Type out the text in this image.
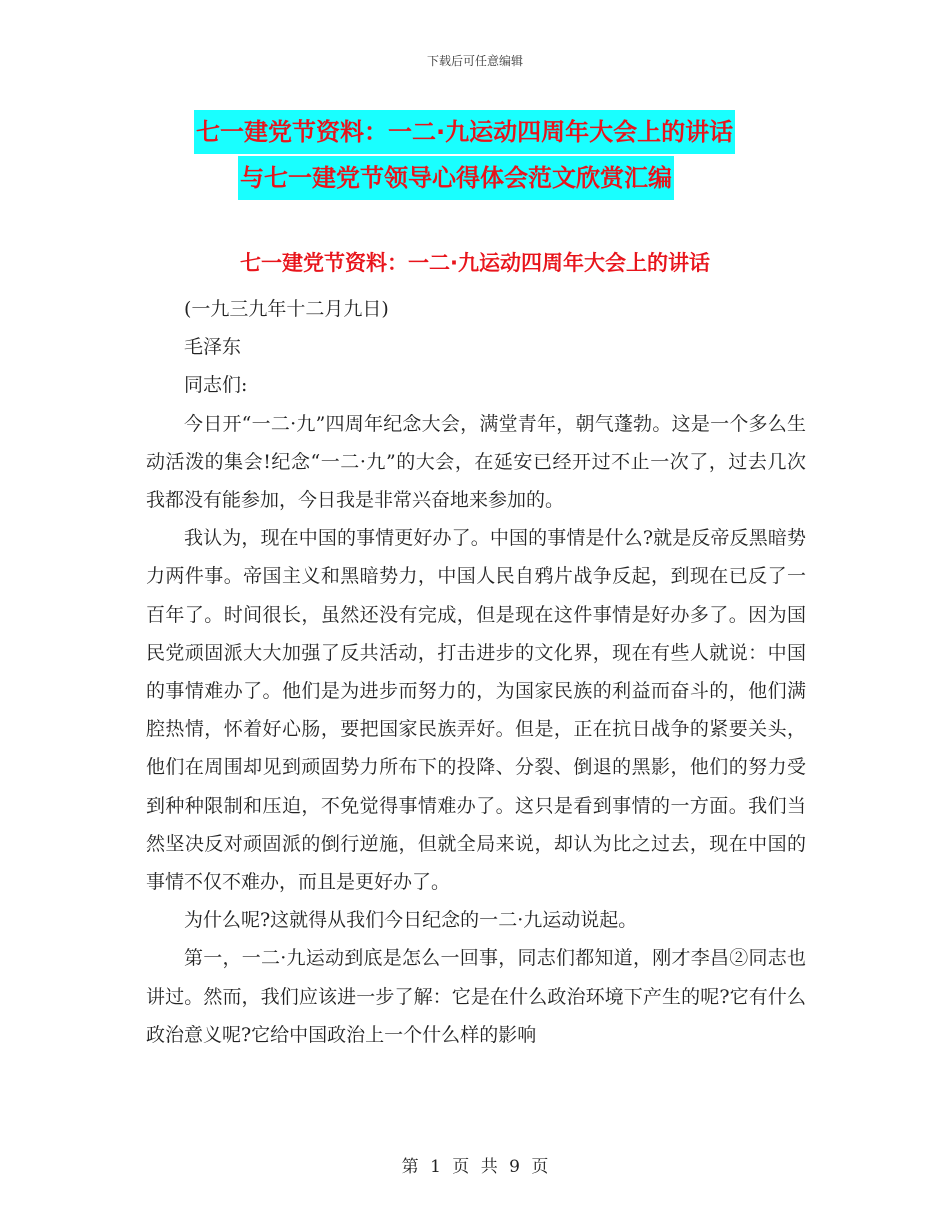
下载后可任意编辑
七一建党节资料：一二·九运动四周年大会上的讲话
与七一建党节领导心得体会范文欣赏汇编
七一建党节资料：一二·九运动四周年大会上的讲话

(一九三九年十二月九日)

毛泽东

同志们:

今日开“一二·九”四周年纪念大会，满堂青年，朝气蓬勃。这是一个多么生动活泼的集会!纪念“一二·九”的大会，在延安已经开过不止一次了，过去几次我都没有能参加，今日我是非常兴奋地来参加的。

我认为，现在中国的事情更好办了。中国的事情是什么?就是反帝反黑暗势力两件事。帝国主义和黑暗势力，中国人民自鸦片战争反起，到现在已反了一百年了。时间很长，虽然还没有完成，但是现在这件事情是好办多了。因为国民党顽固派大大加强了反共活动，打击进步的文化界，现在有些人就说：中国的事情难办了。他们是为进步而努力的，为国家民族的利益而奋斗的，他们满腔热情，怀着好心肠，要把国家民族弄好。但是，正在抗日战争的紧要关头，他们在周围却见到顽固势力所布下的投降、分裂、倒退的黑影，他们的努力受到种种限制和压迫，不免觉得事情难办了。这只是看到事情的一方面。我们当然坚决反对顽固派的倒行逆施，但就全局来说，却认为比之过去，现在中国的事情不仅不难办，而且是更好办了。

为什么呢?这就得从我们今日纪念的一二·九运动说起。

第一，一二·九运动到底是怎么一回事，同志们都知道，刚才李昌②同志也讲过。然而，我们应该进一步了解：它是在什么政治环境下产生的呢?它有什么政治意义呢?它给中国政治上一个什么样的影响

第 1 页 共 9 页
